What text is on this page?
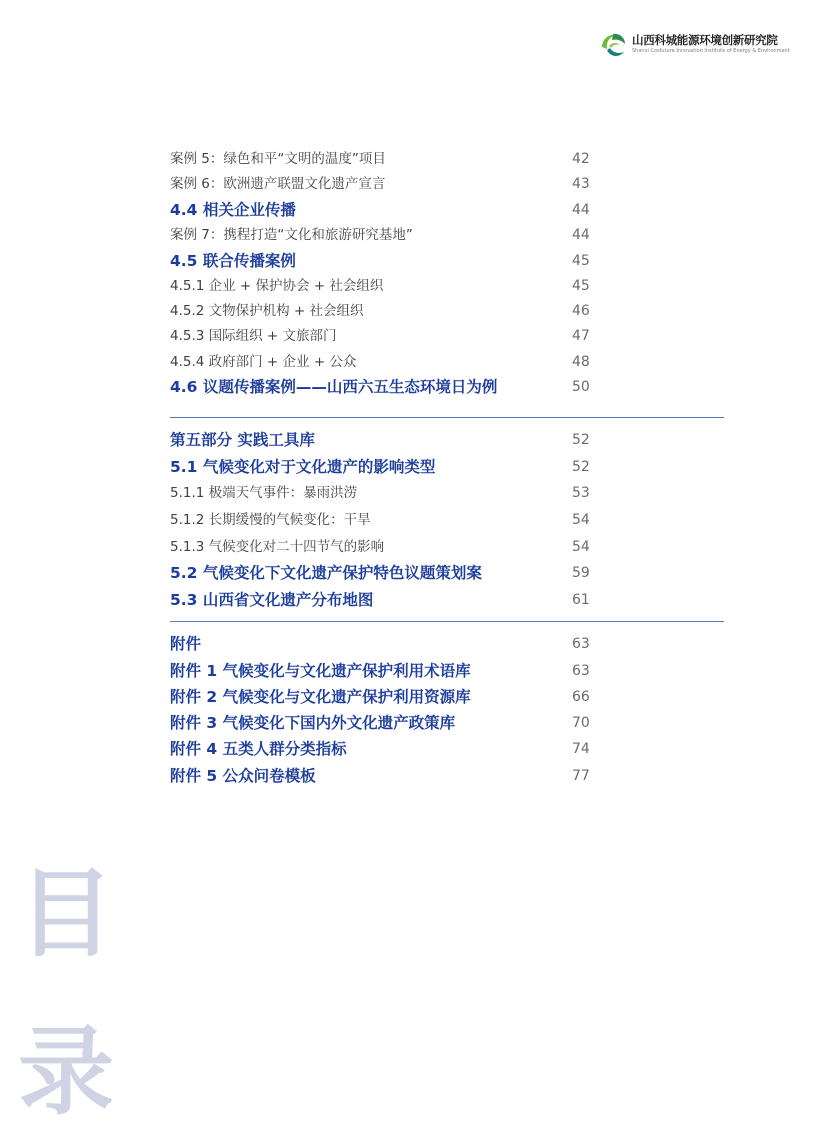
山西科城能源环境创新研究院
Shanxi Cosfuture Innovation Institute of Energy & Environment
案例 5：绿色和平“文明的温度”项目	42
案例 6：欧洲遗产联盟文化遗产宣言	43
4.4 相关企业传播	44
案例 7：携程打造“文化和旅游研究基地”	44
4.5 联合传播案例	45
4.5.1 企业 + 保护协会 + 社会组织	45
4.5.2 文物保护机构 + 社会组织	46
4.5.3 国际组织 + 文旅部门	47
4.5.4 政府部门 + 企业 + 公众	48
4.6 议题传播案例——山西六五生态环境日为例	50
第五部分 实践工具库	52
5.1 气候变化对于文化遗产的影响类型	52
5.1.1 极端天气事件：暴雨洪涝	53
5.1.2 长期缓慢的气候变化：干旱	54
5.1.3 气候变化对二十四节气的影响	54
5.2 气候变化下文化遗产保护特色议题策划案	59
5.3 山西省文化遗产分布地图	61
附件	63
附件 1 气候变化与文化遗产保护利用术语库	63
附件 2 气候变化与文化遗产保护利用资源库	66
附件 3 气候变化下国内外文化遗产政策库	70
附件 4 五类人群分类指标	74
附件 5 公众问卷模板	77
目
录
